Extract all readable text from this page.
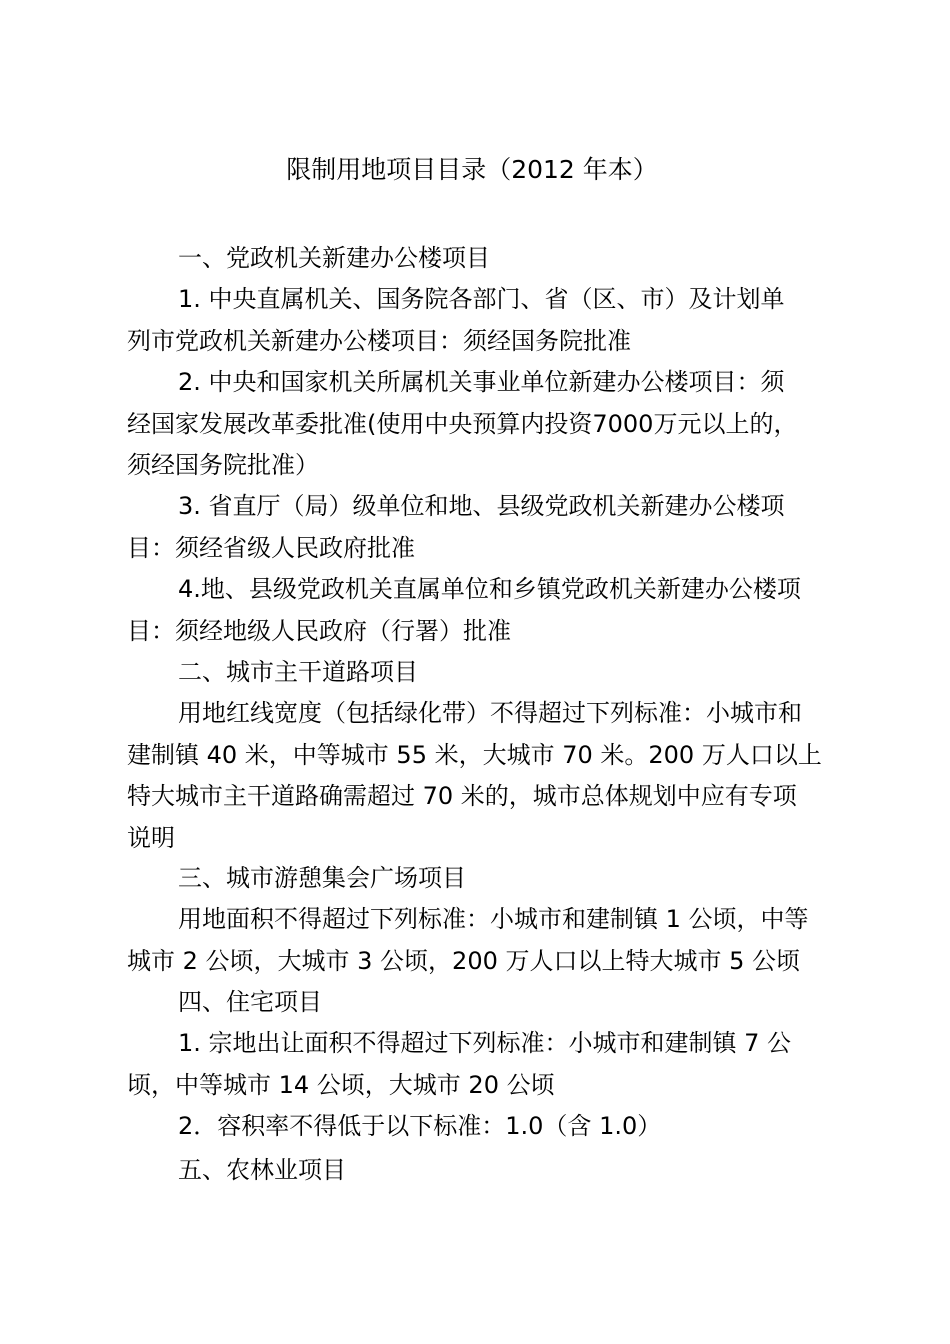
限制用地项目目录（2012 年本）
一、党政机关新建办公楼项目
1. 中央直属机关、国务院各部门、省（区、市）及计划单
列市党政机关新建办公楼项目：须经国务院批准
2. 中央和国家机关所属机关事业单位新建办公楼项目：须
经国家发展改革委批准(使用中央预算内投资7000万元以上的，
须经国务院批准）
3. 省直厅（局）级单位和地、县级党政机关新建办公楼项
目：须经省级人民政府批准
4.地、县级党政机关直属单位和乡镇党政机关新建办公楼项
目：须经地级人民政府（行署）批准
二、城市主干道路项目
用地红线宽度（包括绿化带）不得超过下列标准：小城市和
建制镇 40 米，中等城市 55 米，大城市 70 米。200 万人口以上
特大城市主干道路确需超过 70 米的，城市总体规划中应有专项
说明
三、城市游憩集会广场项目
用地面积不得超过下列标准：小城市和建制镇 1 公顷，中等
城市 2 公顷，大城市 3 公顷，200 万人口以上特大城市 5 公顷
四、住宅项目
1. 宗地出让面积不得超过下列标准：小城市和建制镇 7 公
顷，中等城市 14 公顷，大城市 20 公顷
2．容积率不得低于以下标准：1.0（含 1.0）
五、农林业项目
